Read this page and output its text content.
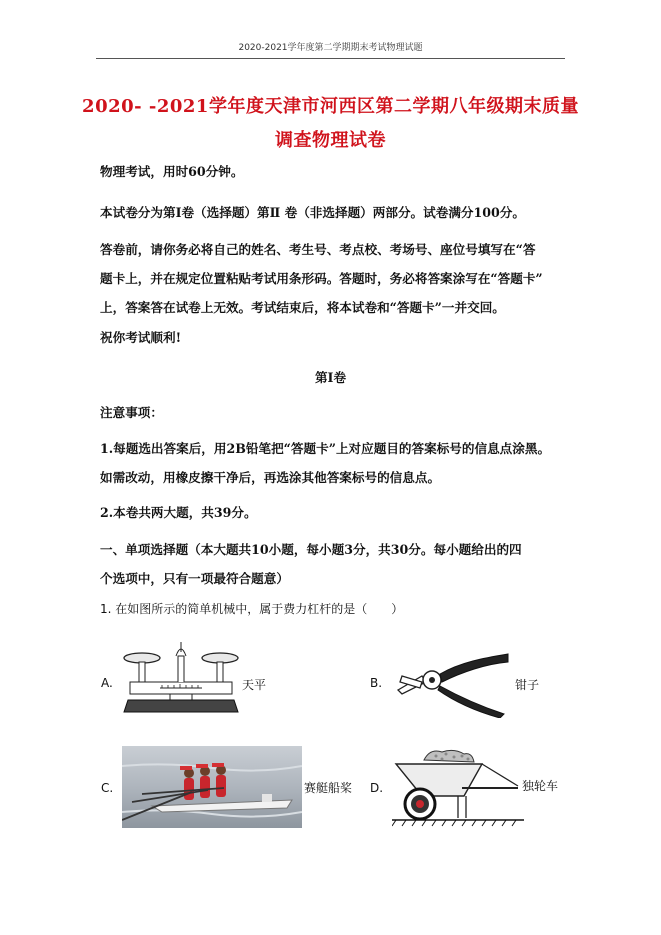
2020-2021学年度第二学期期末考试物理试题
2020- -2021学年度天津市河西区第二学期八年级期末质量
调查物理试卷
物理考试，用时60分钟。
本试卷分为第I卷（选择题）第Ⅱ 卷（非选择题）两部分。试卷满分100分。
答卷前，请你务必将自己的姓名、考生号、考点校、考场号、座位号填写在“答
题卡上，并在规定位置粘贴考试用条形码。答题时，务必将答案涂写在“答题卡”
上，答案答在试卷上无效。考试结束后，将本试卷和“答题卡”一并交回。
祝你考试顺利!
第I卷
注意事项：
1.每题选出答案后，用2B铅笔把“答题卡”上对应题目的答案标号的信息点涂黑。
如需改动，用橡皮擦干净后，再选涂其他答案标号的信息点。
2.本卷共两大题，共39分。
一、单项选择题（本大题共10小题，每小题3分，共30分。每小题给出的四
个选项中，只有一项最符合题意）
1. 在如图所示的简单机械中，属于费力杠杆的是（　　）
A.	天平	B.	钳子
C.	赛艇船桨 D.	独轮车
